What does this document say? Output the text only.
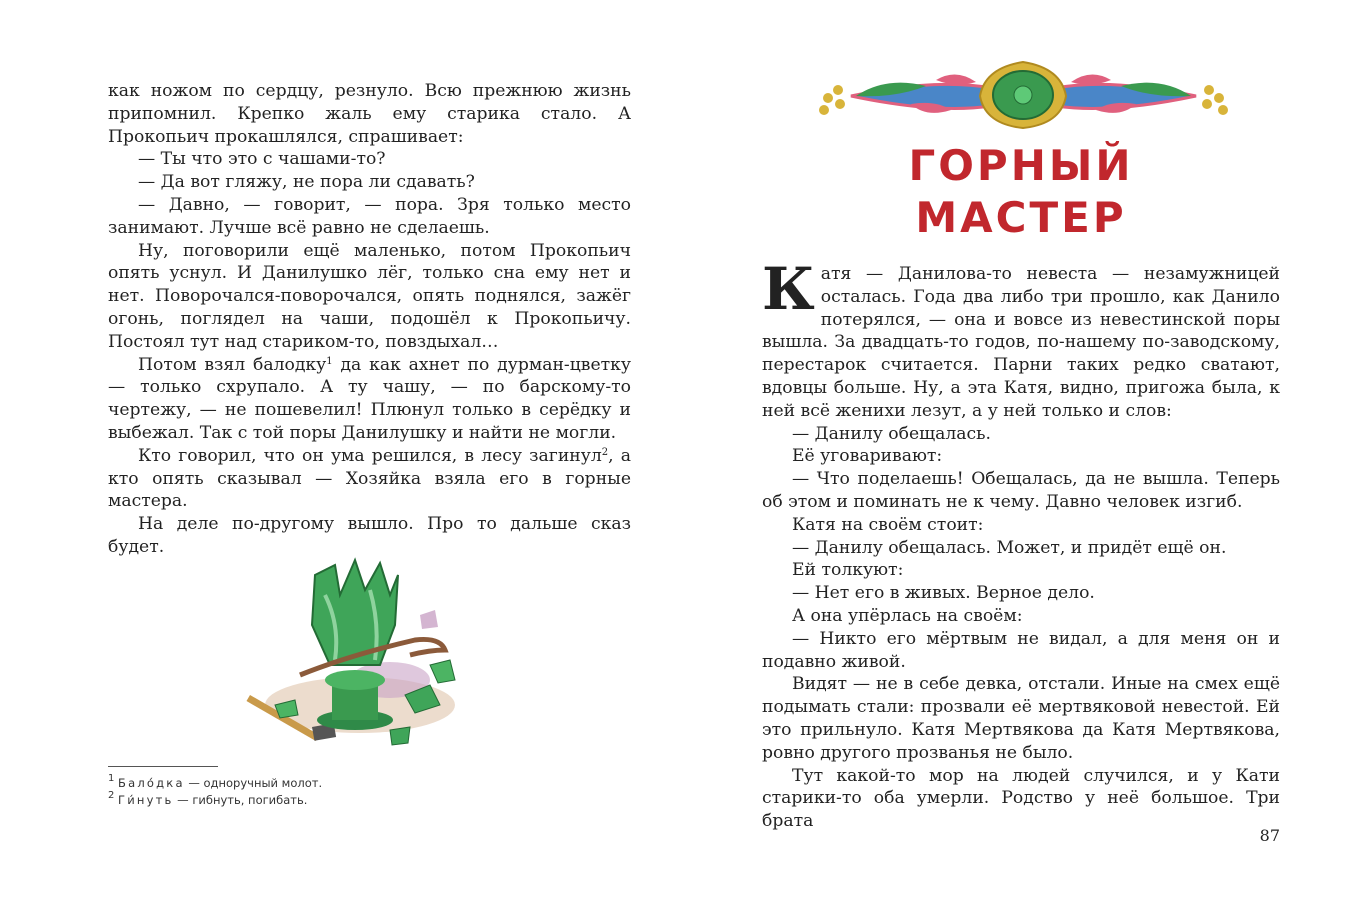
как ножом по сердцу, резнуло. Всю прежнюю жизнь припомнил. Крепко жаль ему старика стало. А Прокопьич прокашлялся, спрашивает:

— Ты что это с чашами-то?

— Да вот гляжу, не пора ли сдавать?

— Давно, — говорит, — пора. Зря только место занимают. Лучше всё равно не сделаешь.

Ну, поговорили ещё маленько, потом Прокопьич опять уснул. И Данилушко лёг, только сна ему нет и нет. Поворочался-поворочался, опять поднялся, зажёг огонь, поглядел на чаши, подошёл к Прокопьичу. Постоял тут над стариком-то, повздыхал…

Потом взял балодку$^1$ да как ахнет по дурман-цветку — только схрупало. А ту чашу, — по барскому-то чертежу, — не пошевелил! Плюнул только в серёдку и выбежал. Так с той поры Данилушку и найти не могли.

Кто говорил, что он ума решился, в лесу загинул$^2$, а кто опять сказывал — Хозяйка взяла его в горные мастера.

На деле по-другому вышло. Про то дальше сказ будет.

$^1$ Бало́дка — одноручный молот.

$^2$ Ги́нуть — гибнуть, погибать.

ГОРНЫЙ
МАСТЕР

Катя — Данилова-то невеста — незамужницей осталась. Года два либо три прошло, как Данило потерялся, — она и вовсе из невестинской поры вышла. За двадцать-то годов, по-нашему по-заводскому, перестарок считается. Парни таких редко сватают, вдовцы больше. Ну, а эта Катя, видно, пригожа была, к ней всё женихи лезут, а у ней только и слов:

— Данилу обещалась.

Её уговаривают:

— Что поделаешь! Обещалась, да не вышла. Теперь об этом и поминать не к чему. Давно человек изгиб.

Катя на своём стоит:

— Данилу обещалась. Может, и придёт ещё он.

Ей толкуют:

— Нет его в живых. Верное дело.

А она упёрлась на своём:

— Никто его мёртвым не видал, а для меня он и подавно живой.

Видят — не в себе девка, отстали. Иные на смех ещё подымать стали: прозвали её мертвяковой невестой. Ей это прильнуло. Катя Мертвякова да Катя Мертвякова, ровно другого прозванья не было.

Тут какой-то мор на людей случился, и у Кати старики-то оба умерли. Родство у неё большое. Три брата

87
